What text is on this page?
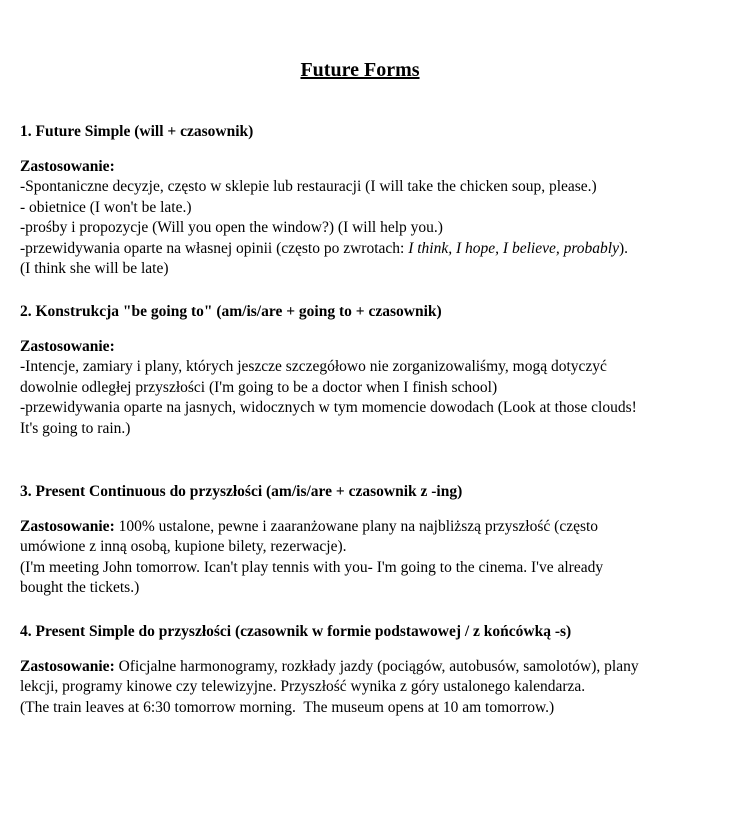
Future Forms
1. Future Simple (will + czasownik)
Zastosowanie:
-Spontaniczne decyzje, często w sklepie lub restauracji (I will take the chicken soup, please.)
- obietnice (I won't be late.)
-prośby i propozycje (Will you open the window?) (I will help you.)
-przewidywania oparte na własnej opinii (często po zwrotach: I think, I hope, I believe, probably).
(I think she will be late)
2. Konstrukcja "be going to" (am/is/are + going to + czasownik)
Zastosowanie:
-Intencje, zamiary i plany, których jeszcze szczegółowo nie zorganizowaliśmy, mogą dotyczyć
dowolnie odległej przyszłości (I'm going to be a doctor when I finish school)
-przewidywania oparte na jasnych, widocznych w tym momencie dowodach (Look at those clouds!
It's going to rain.)
3. Present Continuous do przyszłości (am/is/are + czasownik z -ing)
Zastosowanie: 100% ustalone, pewne i zaaranżowane plany na najbliższą przyszłość (często
umówione z inną osobą, kupione bilety, rezerwacje).
(I'm meeting John tomorrow. Ican't play tennis with you- I'm going to the cinema. I've already
bought the tickets.)
4. Present Simple do przyszłości (czasownik w formie podstawowej / z końcówką -s)
Zastosowanie: Oficjalne harmonogramy, rozkłady jazdy (pociągów, autobusów, samolotów), plany
lekcji, programy kinowe czy telewizyjne. Przyszłość wynika z góry ustalonego kalendarza.
(The train leaves at 6:30 tomorrow morning.  The museum opens at 10 am tomorrow.)
